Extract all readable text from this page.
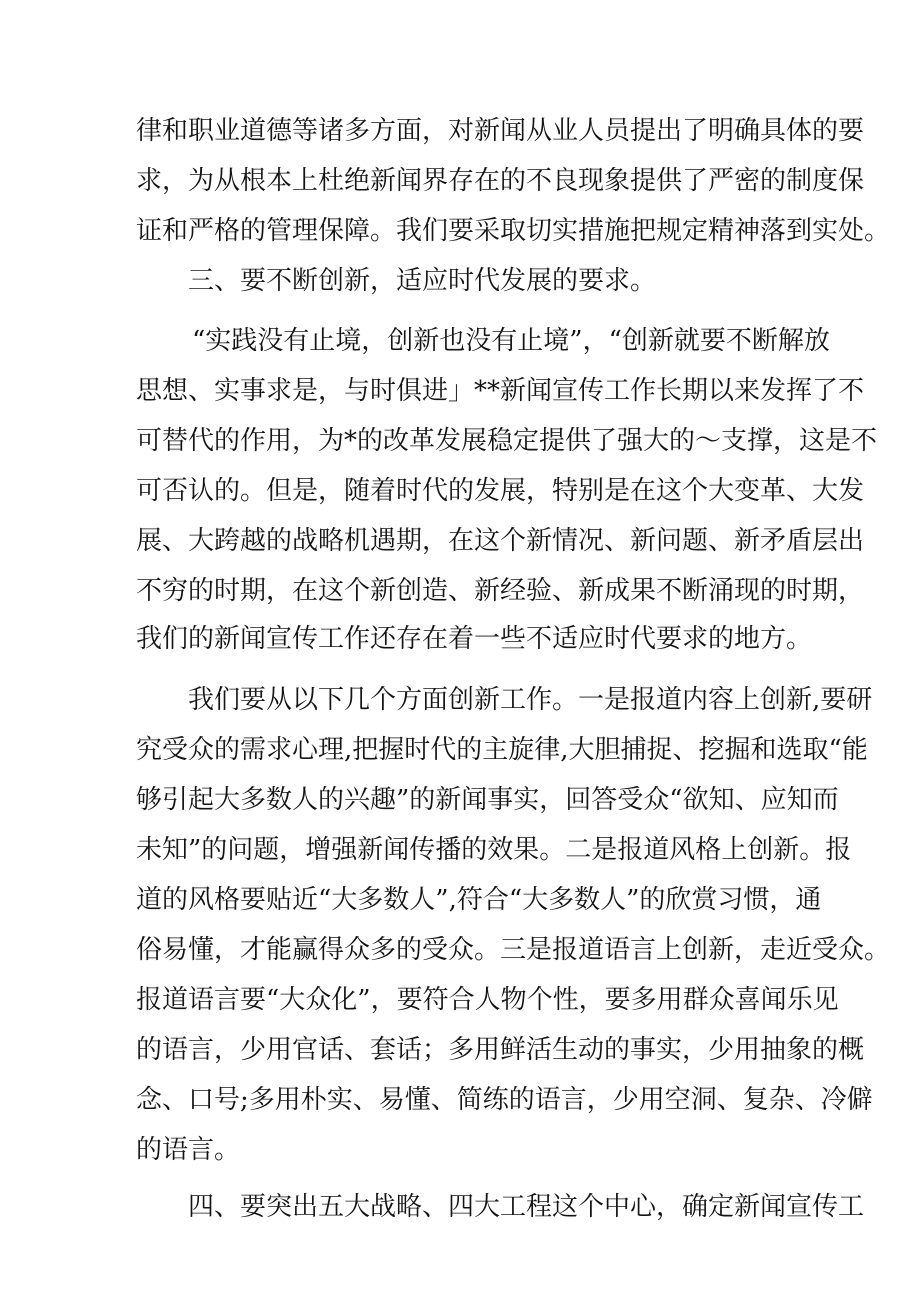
律和职业道德等诸多方面，对新闻从业人员提出了明确具体的要
求，为从根本上杜绝新闻界存在的不良现象提供了严密的制度保
证和严格的管理保障。我们要采取切实措施把规定精神落到实处。
三、要不断创新，适应时代发展的要求。
“实践没有止境，创新也没有止境”，“创新就要不断解放
思想、实事求是，与时俱进」**新闻宣传工作长期以来发挥了不
可替代的作用，为*的改革发展稳定提供了强大的～支撑，这是不
可否认的。但是，随着时代的发展，特别是在这个大变革、大发
展、大跨越的战略机遇期，在这个新情况、新问题、新矛盾层出
不穷的时期，在这个新创造、新经验、新成果不断涌现的时期，
我们的新闻宣传工作还存在着一些不适应时代要求的地方。
我们要从以下几个方面创新工作。一是报道内容上创新,要研
究受众的需求心理,把握时代的主旋律,大胆捕捉、挖掘和选取“能
够引起大多数人的兴趣”的新闻事实，回答受众“欲知、应知而
未知”的问题，增强新闻传播的效果。二是报道风格上创新。报
道的风格要贴近“大多数人”,符合“大多数人”的欣赏习惯，通
俗易懂，才能赢得众多的受众。三是报道语言上创新，走近受众。
报道语言要“大众化”，要符合人物个性，要多用群众喜闻乐见
的语言，少用官话、套话；多用鲜活生动的事实，少用抽象的概
念、口号;多用朴实、易懂、简练的语言，少用空洞、复杂、冷僻
的语言。
四、要突出五大战略、四大工程这个中心，确定新闻宣传工
